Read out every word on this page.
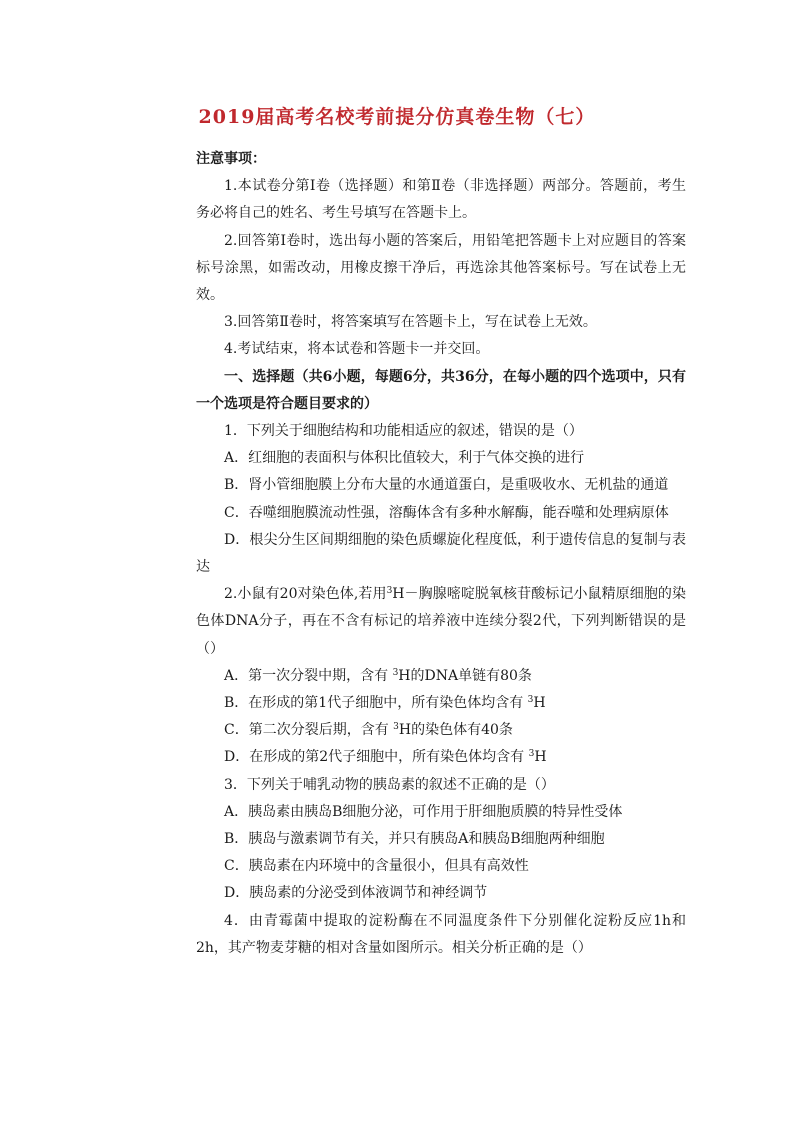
2019届高考名校考前提分仿真卷生物（七）

注意事项：

1.本试卷分第Ⅰ卷（选择题）和第Ⅱ卷（非选择题）两部分。答题前，考生务必将自己的姓名、考生号填写在答题卡上。

2.回答第Ⅰ卷时，选出每小题的答案后，用铅笔把答题卡上对应题目的答案标号涂黑，如需改动，用橡皮擦干净后，再选涂其他答案标号。写在试卷上无效。

3.回答第Ⅱ卷时，将答案填写在答题卡上，写在试卷上无效。

4.考试结束，将本试卷和答题卡一并交回。

一、选择题（共6小题，每题6分，共36分，在每小题的四个选项中，只有一个选项是符合题目要求的）

1．下列关于细胞结构和功能相适应的叙述，错误的是（）

A．红细胞的表面积与体积比值较大，利于气体交换的进行

B．肾小管细胞膜上分布大量的水通道蛋白，是重吸收水、无机盐的通道

C．吞噬细胞膜流动性强，溶酶体含有多种水解酶，能吞噬和处理病原体

D．根尖分生区间期细胞的染色质螺旋化程度低，利于遗传信息的复制与表达

2.小鼠有20对染色体,若用$^3$H－胸腺嘧啶脱氧核苷酸标记小鼠精原细胞的染色体DNA分子，再在不含有标记的培养液中连续分裂2代，下列判断错误的是（）

A．第一次分裂中期，含有 $^3$H的DNA单链有80条

B．在形成的第1代子细胞中，所有染色体均含有 $^3$H

C．第二次分裂后期，含有 $^3$H的染色体有40条

D．在形成的第2代子细胞中，所有染色体均含有 $^3$H

3．下列关于哺乳动物的胰岛素的叙述不正确的是（）

A．胰岛素由胰岛B细胞分泌，可作用于肝细胞质膜的特异性受体

B．胰岛与激素调节有关，并只有胰岛A和胰岛B细胞两种细胞

C．胰岛素在内环境中的含量很小，但具有高效性

D．胰岛素的分泌受到体液调节和神经调节

4．由青霉菌中提取的淀粉酶在不同温度条件下分别催化淀粉反应1h和2h，其产物麦芽糖的相对含量如图所示。相关分析正确的是（）
